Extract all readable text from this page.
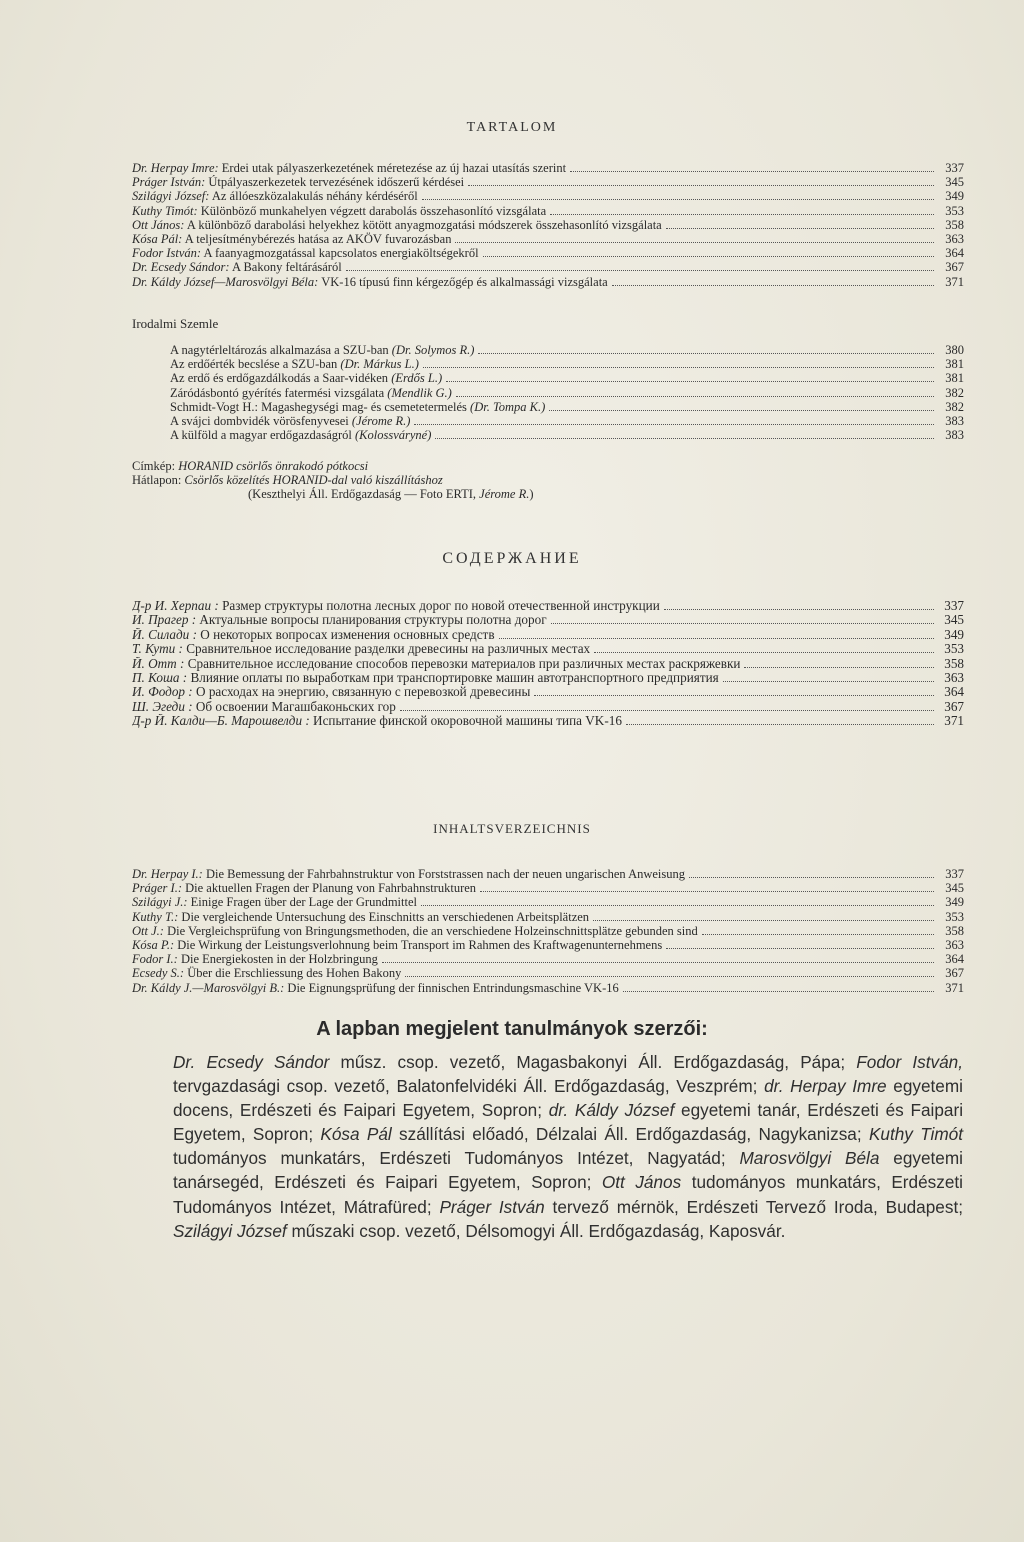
TARTALOM
Dr. Herpay Imre: Erdei utak pályaszerkezetének méretezése az új hazai utasítás szerint	337
Práger István: Útpályaszerkezetek tervezésének időszerű kérdései	345
Szilágyi József: Az állóeszközalakulás néhány kérdéséről	349
Kuthy Timót: Különböző munkahelyen végzett darabolás összehasonlító vizsgálata	353
Ott János: A különböző darabolási helyekhez kötött anyagmozgatási módszerek összehasonlító vizsgálata	358
Kósa Pál: A teljesítménybérezés hatása az AKÖV fuvarozásban	363
Fodor István: A faanyagmozgatással kapcsolatos energiaköltségekről	364
Dr. Ecsedy Sándor: A Bakony feltárásáról	367
Dr. Káldy József—Marosvölgyi Béla: VK-16 típusú finn kérgezőgép és alkalmassági vizsgálata	371
Irodalmi Szemle
A nagytérleltározás alkalmazása a SZU-ban (Dr. Solymos R.)	380
Az erdőérték becslése a SZU-ban (Dr. Márkus L.)	381
Az erdő és erdőgazdálkodás a Saar-vidéken (Erdős L.)	381
Záródásbontó gyérítés fatermési vizsgálata (Mendlik G.)	382
Schmidt-Vogt H.: Magashegységi mag- és csemetetermelés (Dr. Tompa K.)	382
A svájci dombvidék vörösfenyvesei (Jérome R.)	383
A külföld a magyar erdőgazdaságról (Kolossváryné)	383
Címkép: HORANID csörlős önrakodó pótkocsi
Hátlapon: Csörlős közelítés HORANID-dal való kiszállításhoz
(Keszthelyi Áll. Erdőgazdaság — Foto ERTI, Jérome R.)
СОДЕРЖАНИЕ
Д-р И. Херпаи : Размер структуры полотна лесных дорог по новой отечественной инструкции	337
И. Прагер : Актуальные вопросы планирования структуры полотна дорог	345
Й. Силади : О некоторых вопросах изменения основных средств	349
Т. Кути : Сравнительное исследование разделки древесины на различных местах	353
Й. Отт : Сравнительное исследование способов перевозки материалов при различных местах раскряжевки	358
П. Коша : Влияние оплаты по выработкам при транспортировке машин автотранспортного предприятия	363
И. Фодор : О расходах на энергию, связанную с перевозкой древесины	364
Ш. Эгеди : Об освоении Магашбаконьских гор	367
Д-р Й. Калди—Б. Марошвелди : Испытание финской окоровочной машины типа VK-16	371
INHALTSVERZEICHNIS
Dr. Herpay I.: Die Bemessung der Fahrbahnstruktur von Forststrassen nach der neuen ungarischen Anweisung	337
Práger I.: Die aktuellen Fragen der Planung von Fahrbahnstrukturen	345
Szilágyi J.: Einige Fragen über der Lage der Grundmittel	349
Kuthy T.: Die vergleichende Untersuchung des Einschnitts an verschiedenen Arbeitsplätzen	353
Ott J.: Die Vergleichsprüfung von Bringungsmethoden, die an verschiedene Holzeinschnittsplätze gebunden sind	358
Kósa P.: Die Wirkung der Leistungsverlohnung beim Transport im Rahmen des Kraftwagenunternehmens	363
Fodor I.: Die Energiekosten in der Holzbringung	364
Ecsedy S.: Über die Erschliessung des Hohen Bakony	367
Dr. Káldy J.—Marosvölgyi B.: Die Eignungsprüfung der finnischen Entrindungsmaschine VK-16	371
A lapban megjelent tanulmányok szerzői:
Dr. Ecsedy Sándor műsz. csop. vezető, Magasbakonyi Áll. Erdőgazdaság, Pápa; Fodor István, tervgazdasági csop. vezető, Balatonfelvidéki Áll. Erdőgazdaság, Veszprém; dr. Herpay Imre egyetemi docens, Erdészeti és Faipari Egyetem, Sopron; dr. Káldy József egyetemi tanár, Erdészeti és Faipari Egyetem, Sopron; Kósa Pál szállítási előadó, Délzalai Áll. Erdőgazdaság, Nagykanizsa; Kuthy Timót tudományos munkatárs, Erdészeti Tudományos Intézet, Nagyatád; Marosvölgyi Béla egyetemi tanársegéd, Erdészeti és Faipari Egyetem, Sopron; Ott János tudományos munkatárs, Erdészeti Tudományos Intézet, Mátrafüred; Práger István tervező mérnök, Erdészeti Tervező Iroda, Budapest; Szilágyi József műszaki csop. vezető, Délsomogyi Áll. Erdőgazdaság, Kaposvár.
